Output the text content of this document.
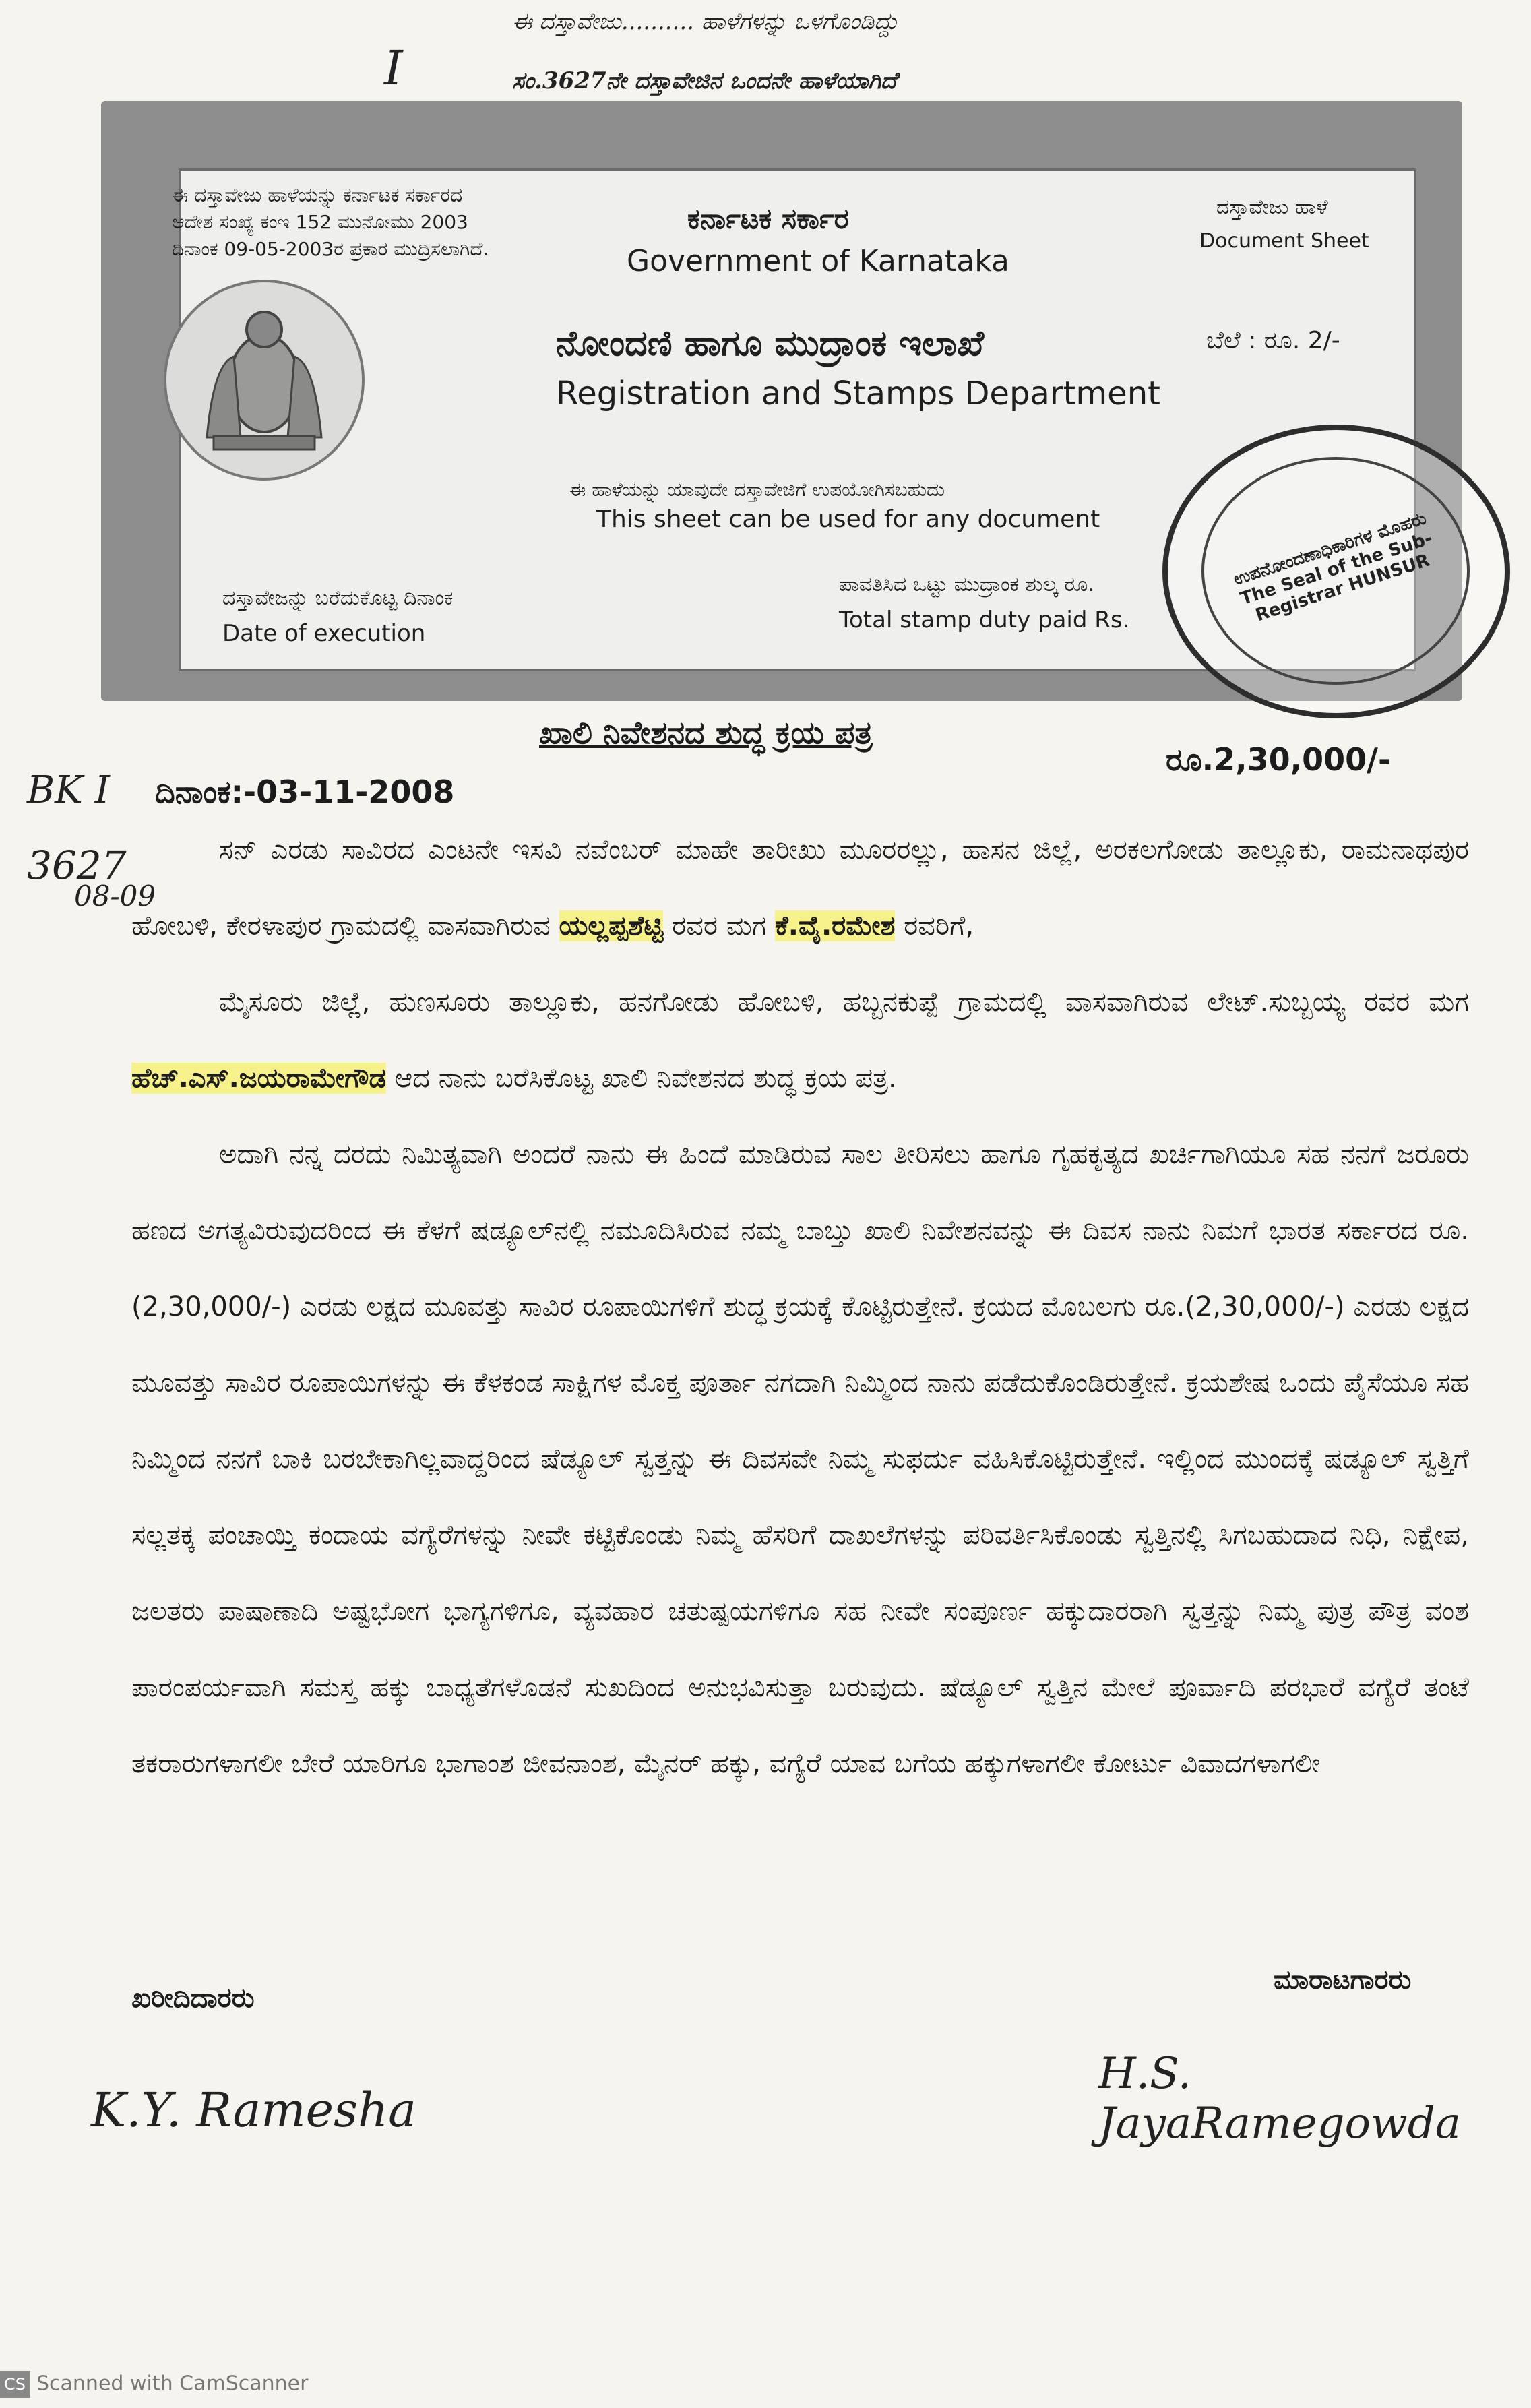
ಈ ದಸ್ತಾವೇಜು.......... ಹಾಳೆಗಳನ್ನು ಒಳಗೊಂಡಿದ್ದು
I	ಸಂ.3627ನೇ ದಸ್ತಾವೇಜಿನ ಒಂದನೇ ಹಾಳೆಯಾಗಿದೆ
ಈ ದಸ್ತಾವೇಜು ಹಾಳೆಯನ್ನು ಕರ್ನಾಟಕ ಸರ್ಕಾರದ
ಆದೇಶ ಸಂಖ್ಯೆ ಕಂಇ 152 ಮುನೋಮು 2003
ದಿನಾಂಕ 09-05-2003ರ ಪ್ರಕಾರ ಮುದ್ರಿಸಲಾಗಿದೆ.
ಕರ್ನಾಟಕ ಸರ್ಕಾರ
Government of Karnataka
ದಸ್ತಾವೇಜು ಹಾಳೆ
Document Sheet
ನೋಂದಣಿ ಹಾಗೂ ಮುದ್ರಾಂಕ ಇಲಾಖೆ
Registration and Stamps Department
ಬೆಲೆ : ರೂ. 2/-
ಈ ಹಾಳೆಯನ್ನು ಯಾವುದೇ ದಸ್ತಾವೇಜಿಗೆ ಉಪಯೋಗಿಸಬಹುದು
This sheet can be used for any document
ದಸ್ತಾವೇಜನ್ನು ಬರೆದುಕೊಟ್ಟ ದಿನಾಂಕ
Date of execution
ಪಾವತಿಸಿದ ಒಟ್ಟು ಮುದ್ರಾಂಕ ಶುಲ್ಕ ರೂ.
Total stamp duty paid Rs.
ಉಪನೋಂದಣಾಧಿಕಾರಿಗಳ ಮೊಹರು The Seal of the Sub-Registrar HUNSUR
ಖಾಲಿ ನಿವೇಶನದ ಶುದ್ಧ ಕ್ರಯ ಪತ್ರ
ರೂ.2,30,000/-
BK I ದಿನಾಂಕ:-03-11-2008
3627
08-09

ಸನ್ ಎರಡು ಸಾವಿರದ ಎಂಟನೇ ಇಸವಿ ನವೆಂಬರ್ ಮಾಹೇ ತಾರೀಖು ಮೂರರಲ್ಲು, ಹಾಸನ ಜಿಲ್ಲೆ, ಅರಕಲಗೋಡು ತಾಲ್ಲೂಕು, ರಾಮನಾಥಪುರ ಹೋಬಳಿ, ಕೇರಳಾಪುರ ಗ್ರಾಮದಲ್ಲಿ ವಾಸವಾಗಿರುವ ಯಲ್ಲಪ್ಪಶೆಟ್ಟಿ ರವರ ಮಗ ಕೆ.ವೈ.ರಮೇಶ ರವರಿಗೆ,

ಮೈಸೂರು ಜಿಲ್ಲೆ, ಹುಣಸೂರು ತಾಲ್ಲೂಕು, ಹನಗೋಡು ಹೋಬಳಿ, ಹಬ್ಬನಕುಪ್ಪೆ ಗ್ರಾಮದಲ್ಲಿ ವಾಸವಾಗಿರುವ ಲೇಟ್.ಸುಬ್ಬಯ್ಯ ರವರ ಮಗ ಹೆಚ್.ಎಸ್.ಜಯರಾಮೇಗೌಡ ಆದ ನಾನು ಬರೆಸಿಕೊಟ್ಟ ಖಾಲಿ ನಿವೇಶನದ ಶುದ್ಧ ಕ್ರಯ ಪತ್ರ.

ಅದಾಗಿ ನನ್ನ ದರದು ನಿಮಿತ್ಯವಾಗಿ ಅಂದರೆ ನಾನು ಈ ಹಿಂದೆ ಮಾಡಿರುವ ಸಾಲ ತೀರಿಸಲು ಹಾಗೂ ಗೃಹಕೃತ್ಯದ ಖರ್ಚಿಗಾಗಿಯೂ ಸಹ ನನಗೆ ಜರೂರು ಹಣದ ಅಗತ್ಯವಿರುವುದರಿಂದ ಈ ಕೆಳಗೆ ಷಡ್ಯೂಲ್‌ನಲ್ಲಿ ನಮೂದಿಸಿರುವ ನಮ್ಮ ಬಾಬ್ತು ಖಾಲಿ ನಿವೇಶನವನ್ನು ಈ ದಿವಸ ನಾನು ನಿಮಗೆ ಭಾರತ ಸರ್ಕಾರದ ರೂ.(2,30,000/-) ಎರಡು ಲಕ್ಷದ ಮೂವತ್ತು ಸಾವಿರ ರೂಪಾಯಿಗಳಿಗೆ ಶುದ್ಧ ಕ್ರಯಕ್ಕೆ ಕೊಟ್ಟಿರುತ್ತೇನೆ. ಕ್ರಯದ ಮೊಬಲಗು ರೂ.(2,30,000/-) ಎರಡು ಲಕ್ಷದ ಮೂವತ್ತು ಸಾವಿರ ರೂಪಾಯಿಗಳನ್ನು ಈ ಕೆಳಕಂಡ ಸಾಕ್ಷಿಗಳ ಮೊಕ್ತ ಪೂರ್ತಾ ನಗದಾಗಿ ನಿಮ್ಮಿಂದ ನಾನು ಪಡೆದುಕೊಂಡಿರುತ್ತೇನೆ. ಕ್ರಯಶೇಷ ಒಂದು ಪೈಸೆಯೂ ಸಹ ನಿಮ್ಮಿಂದ ನನಗೆ ಬಾಕಿ ಬರಬೇಕಾಗಿಲ್ಲವಾದ್ದರಿಂದ ಷೆಡ್ಯೂಲ್ ಸ್ವತ್ತನ್ನು ಈ ದಿವಸವೇ ನಿಮ್ಮ ಸುಫರ್ದು ವಹಿಸಿಕೊಟ್ಟಿರುತ್ತೇನೆ. ಇಲ್ಲಿಂದ ಮುಂದಕ್ಕೆ ಷಡ್ಯೂಲ್ ಸ್ವತ್ತಿಗೆ ಸಲ್ಲತಕ್ಕ ಪಂಚಾಯ್ತಿ ಕಂದಾಯ ವಗ್ಯೆರೆಗಳನ್ನು ನೀವೇ ಕಟ್ಟಿಕೊಂಡು ನಿಮ್ಮ ಹೆಸರಿಗೆ ದಾಖಲೆಗಳನ್ನು ಪರಿವರ್ತಿಸಿಕೊಂಡು ಸ್ವತ್ತಿನಲ್ಲಿ ಸಿಗಬಹುದಾದ ನಿಧಿ, ನಿಕ್ಷೇಪ, ಜಲತರು ಪಾಷಾಣಾದಿ ಅಷ್ಟಭೋಗ ಭಾಗ್ಯಗಳಿಗೂ, ವ್ಯವಹಾರ ಚತುಷ್ಪಯಗಳಿಗೂ ಸಹ ನೀವೇ ಸಂಪೂರ್ಣ ಹಕ್ಕುದಾರರಾಗಿ ಸ್ವತ್ತನ್ನು ನಿಮ್ಮ ಪುತ್ರ ಪೌತ್ರ ವಂಶ ಪಾರಂಪರ್ಯವಾಗಿ ಸಮಸ್ತ ಹಕ್ಕು ಬಾಧ್ಯತೆಗಳೊಡನೆ ಸುಖದಿಂದ ಅನುಭವಿಸುತ್ತಾ ಬರುವುದು. ಷೆಡ್ಯೂಲ್ ಸ್ವತ್ತಿನ ಮೇಲೆ ಪೂರ್ವಾದಿ ಪರಭಾರೆ ವಗ್ಯೆರೆ ತಂಟೆ ತಕರಾರುಗಳಾಗಲೀ ಬೇರೆ ಯಾರಿಗೂ ಭಾಗಾಂಶ ಜೀವನಾಂಶ, ಮೈನರ್ ಹಕ್ಕು, ವಗ್ಯೆರೆ ಯಾವ ಬಗೆಯ ಹಕ್ಕುಗಳಾಗಲೀ ಕೋರ್ಟು ವಿವಾದಗಳಾಗಲೀ

ಮಾರಾಟಗಾರರು
ಖರೀದಿದಾರರು
K.Y. Ramesha
H.S. JayaRamegowda
CS Scanned with CamScanner
